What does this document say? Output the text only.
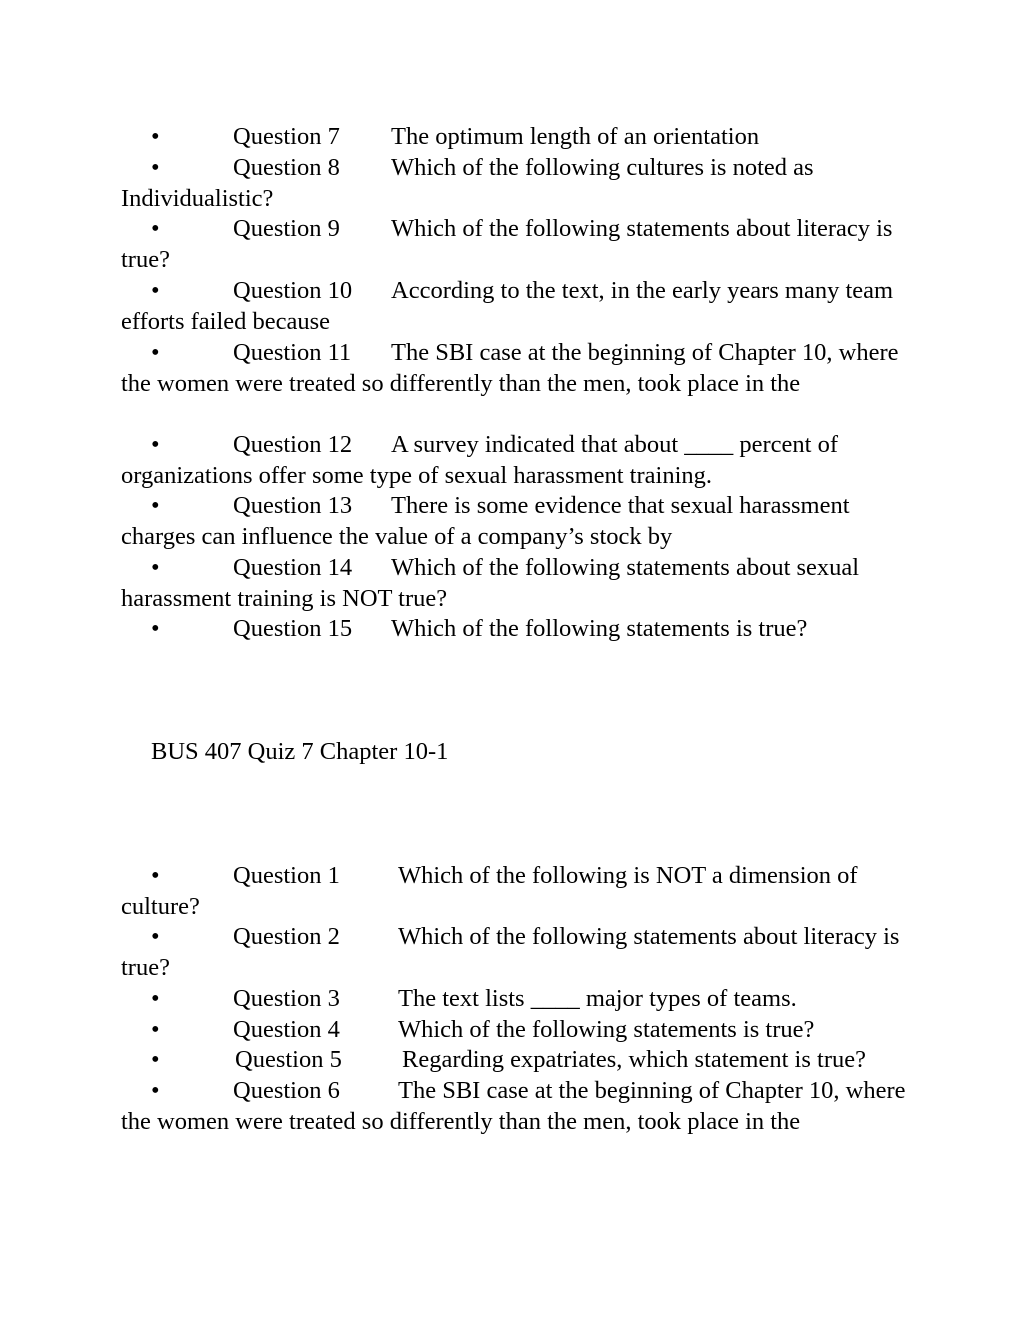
•	Question 7 The optimum length of an orientation
•	Question 8 Which of the following cultures is noted as Individualistic?
•	Question 9 Which of the following statements about literacy is true?
•	Question 10 According to the text, in the early years many team efforts failed because
•	Question 11 The SBI case at the beginning of Chapter 10, where the women were treated so differently than the men, took place in the
•	Question 12 A survey indicated that about ____ percent of organizations offer some type of sexual harassment training.
•	Question 13 There is some evidence that sexual harassment charges can influence the value of a company’s stock by
•	Question 14 Which of the following statements about sexual harassment training is NOT true?
•	Question 15 Which of the following statements is true?
BUS 407 Quiz 7 Chapter 10-1
•	Question 1 Which of the following is NOT a dimension of culture?
•	Question 2 Which of the following statements about literacy is true?
•	Question 3 The text lists ____ major types of teams.
•	Question 4 Which of the following statements is true?
•	Question 5 Regarding expatriates, which statement is true?
•	Question 6 The SBI case at the beginning of Chapter 10, where the women were treated so differently than the men, took place in the
